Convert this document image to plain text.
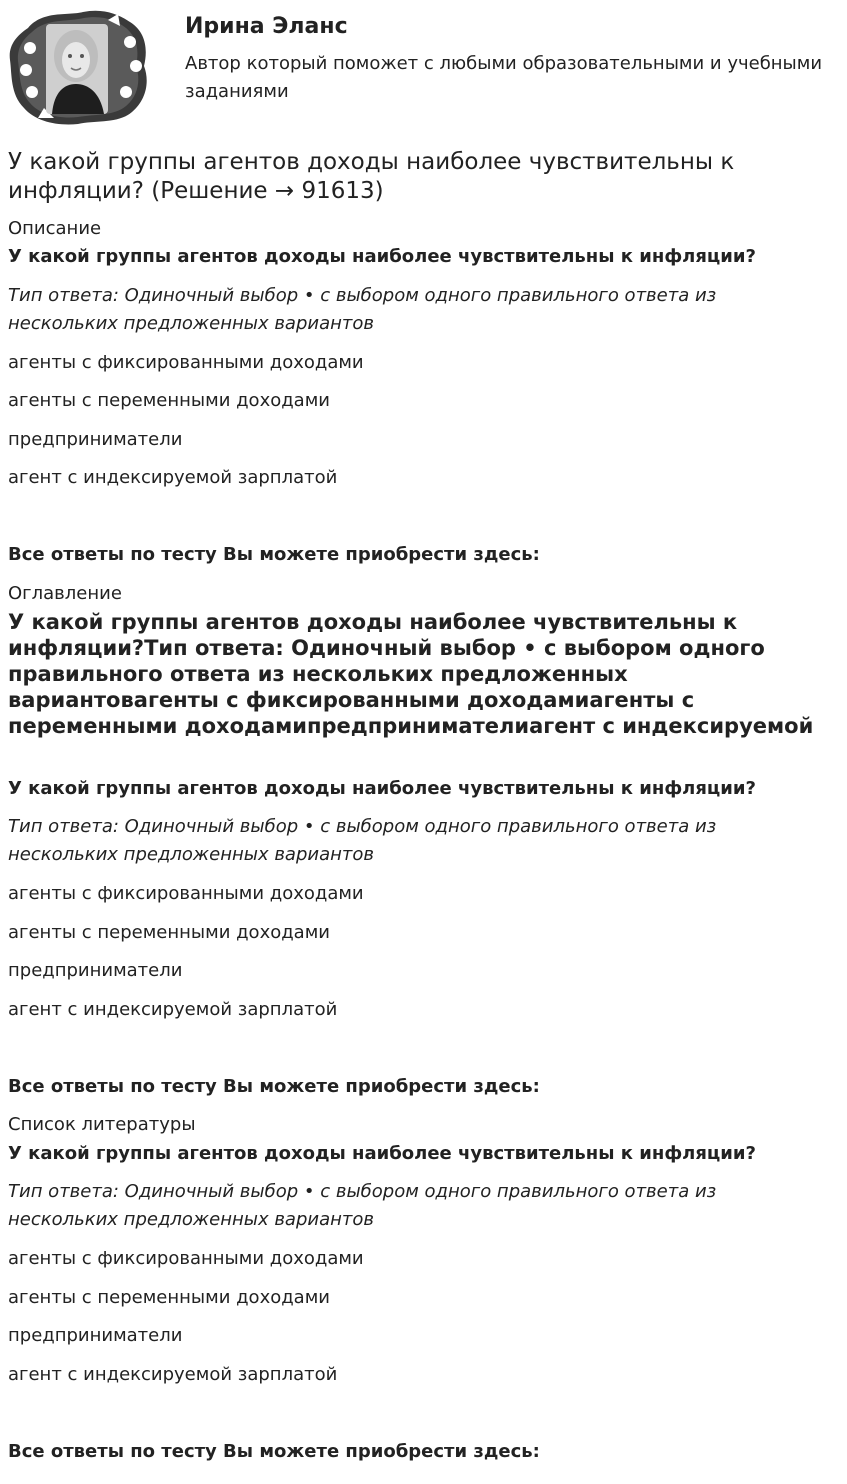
Ирина Эланс
Автор который поможет с любыми образовательными и учебными заданиями
У какой группы агентов доходы наиболее чувствительны к инфляции? (Решение → 91613)
Описание
У какой группы агентов доходы наиболее чувствительны к инфляции?
Тип ответа: Одиночный выбор • с выбором одного правильного ответа из нескольких предложенных вариантов
агенты с фиксированными доходами
агенты с переменными доходами
предприниматели
агент с индексируемой зарплатой
Все ответы по тесту Вы можете приобрести здесь:
Оглавление
У какой группы агентов доходы наиболее чувствительны к инфляции?Тип ответа: Одиночный выбор • с выбором одного правильного ответа из нескольких предложенных вариантовагенты с фиксированными доходамиагенты с переменными доходамипредпринимателиагент с индексируемой
У какой группы агентов доходы наиболее чувствительны к инфляции?
Тип ответа: Одиночный выбор • с выбором одного правильного ответа из нескольких предложенных вариантов
агенты с фиксированными доходами
агенты с переменными доходами
предприниматели
агент с индексируемой зарплатой
Все ответы по тесту Вы можете приобрести здесь:
Список литературы
У какой группы агентов доходы наиболее чувствительны к инфляции?
Тип ответа: Одиночный выбор • с выбором одного правильного ответа из нескольких предложенных вариантов
агенты с фиксированными доходами
агенты с переменными доходами
предприниматели
агент с индексируемой зарплатой
Все ответы по тесту Вы можете приобрести здесь:
